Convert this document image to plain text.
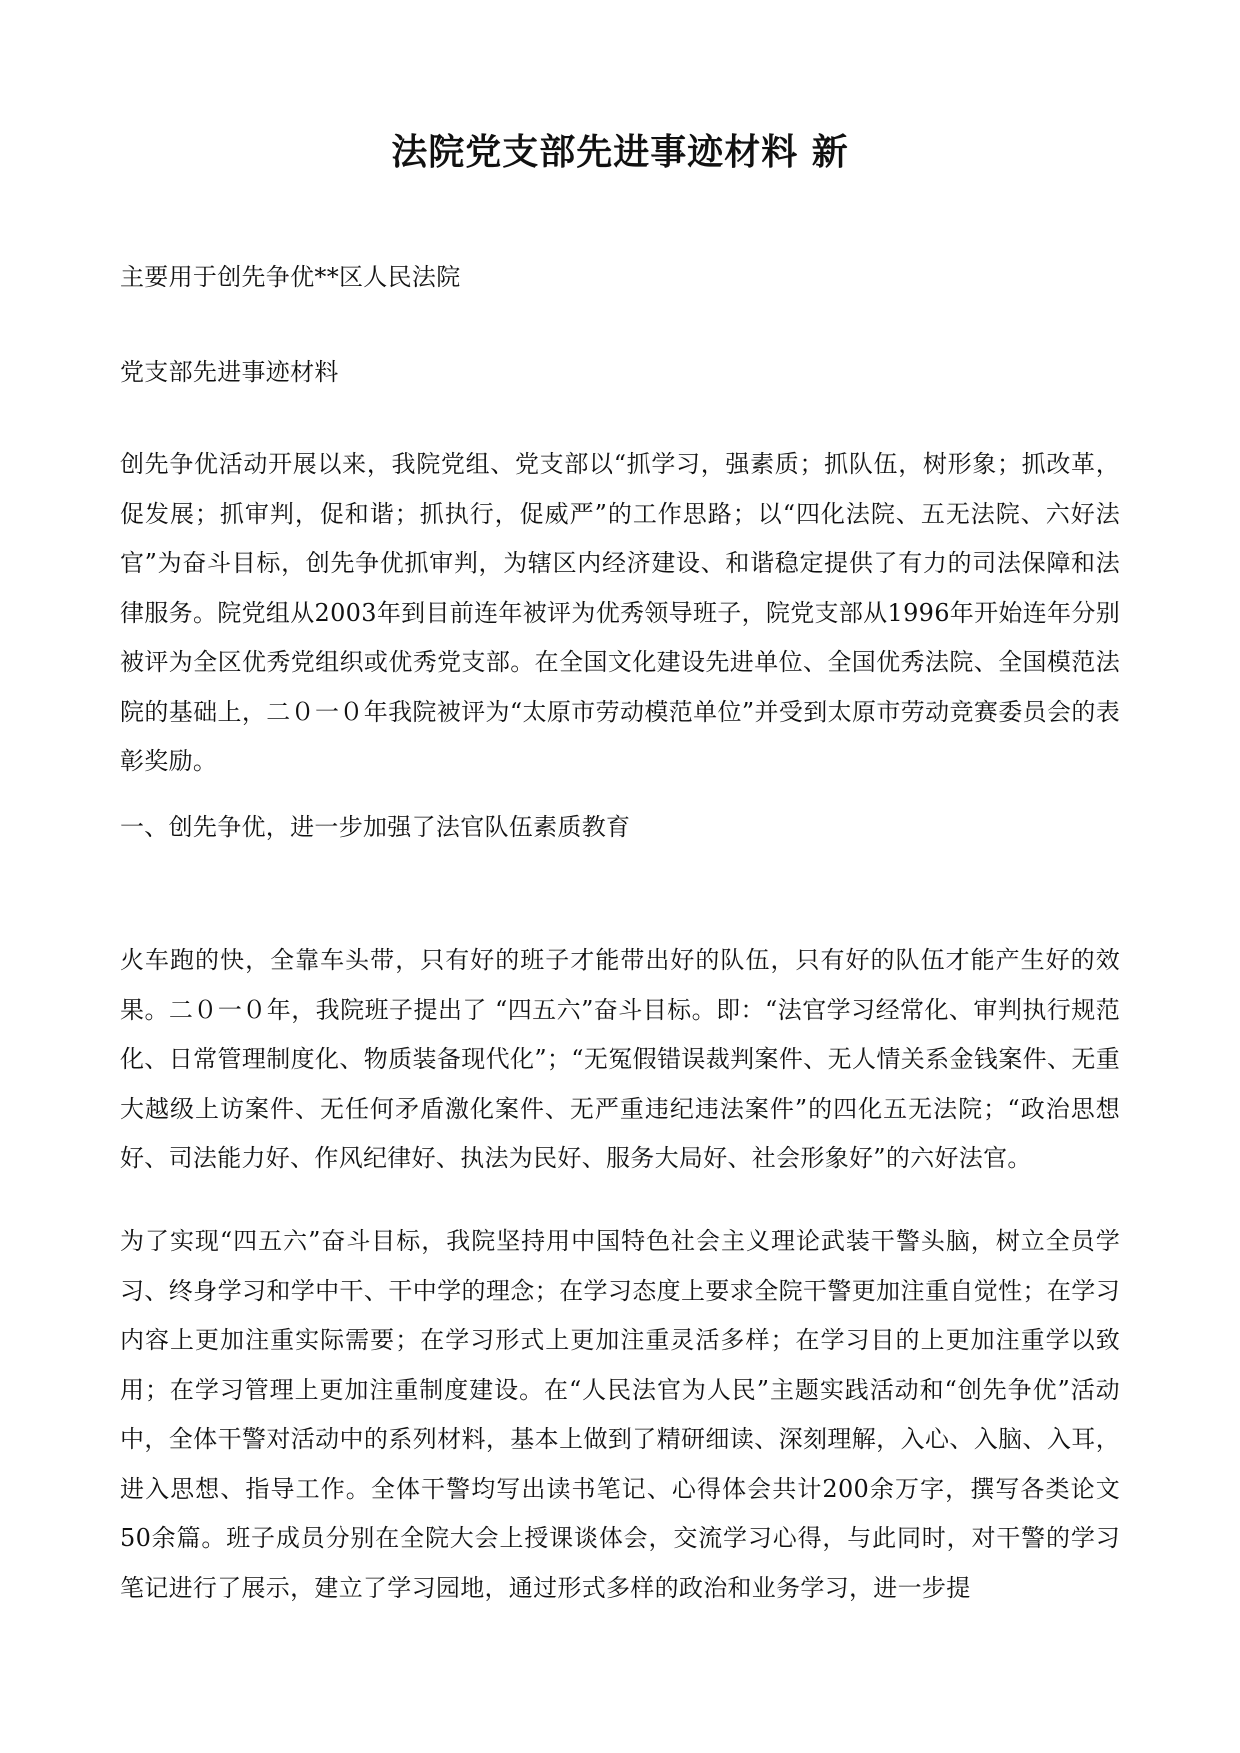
法院党支部先进事迹材料 新

主要用于创先争优**区人民法院

党支部先进事迹材料

创先争优活动开展以来，我院党组、党支部以“抓学习，强素质；抓队伍，树形象；抓改革，促发展；抓审判，促和谐；抓执行，促威严”的工作思路；以“四化法院、五无法院、六好法官”为奋斗目标，创先争优抓审判，为辖区内经济建设、和谐稳定提供了有力的司法保障和法律服务。院党组从2003年到目前连年被评为优秀领导班子，院党支部从1996年开始连年分别被评为全区优秀党组织或优秀党支部。在全国文化建设先进单位、全国优秀法院、全国模范法院的基础上，二０一０年我院被评为“太原市劳动模范单位”并受到太原市劳动竞赛委员会的表彰奖励。

一、创先争优，进一步加强了法官队伍素质教育

火车跑的快，全靠车头带，只有好的班子才能带出好的队伍，只有好的队伍才能产生好的效果。二０一０年，我院班子提出了 “四五六”奋斗目标。即：“法官学习经常化、审判执行规范化、日常管理制度化、物质装备现代化”；“无冤假错误裁判案件、无人情关系金钱案件、无重大越级上访案件、无任何矛盾激化案件、无严重违纪违法案件”的四化五无法院；“政治思想好、司法能力好、作风纪律好、执法为民好、服务大局好、社会形象好”的六好法官。

为了实现“四五六”奋斗目标，我院坚持用中国特色社会主义理论武装干警头脑，树立全员学习、终身学习和学中干、干中学的理念；在学习态度上要求全院干警更加注重自觉性；在学习内容上更加注重实际需要；在学习形式上更加注重灵活多样；在学习目的上更加注重学以致用；在学习管理上更加注重制度建设。在“人民法官为人民”主题实践活动和“创先争优”活动中，全体干警对活动中的系列材料，基本上做到了精研细读、深刻理解，入心、入脑、入耳，进入思想、指导工作。全体干警均写出读书笔记、心得体会共计200余万字，撰写各类论文50余篇。班子成员分别在全院大会上授课谈体会，交流学习心得，与此同时，对干警的学习笔记进行了展示，建立了学习园地，通过形式多样的政治和业务学习，进一步提
